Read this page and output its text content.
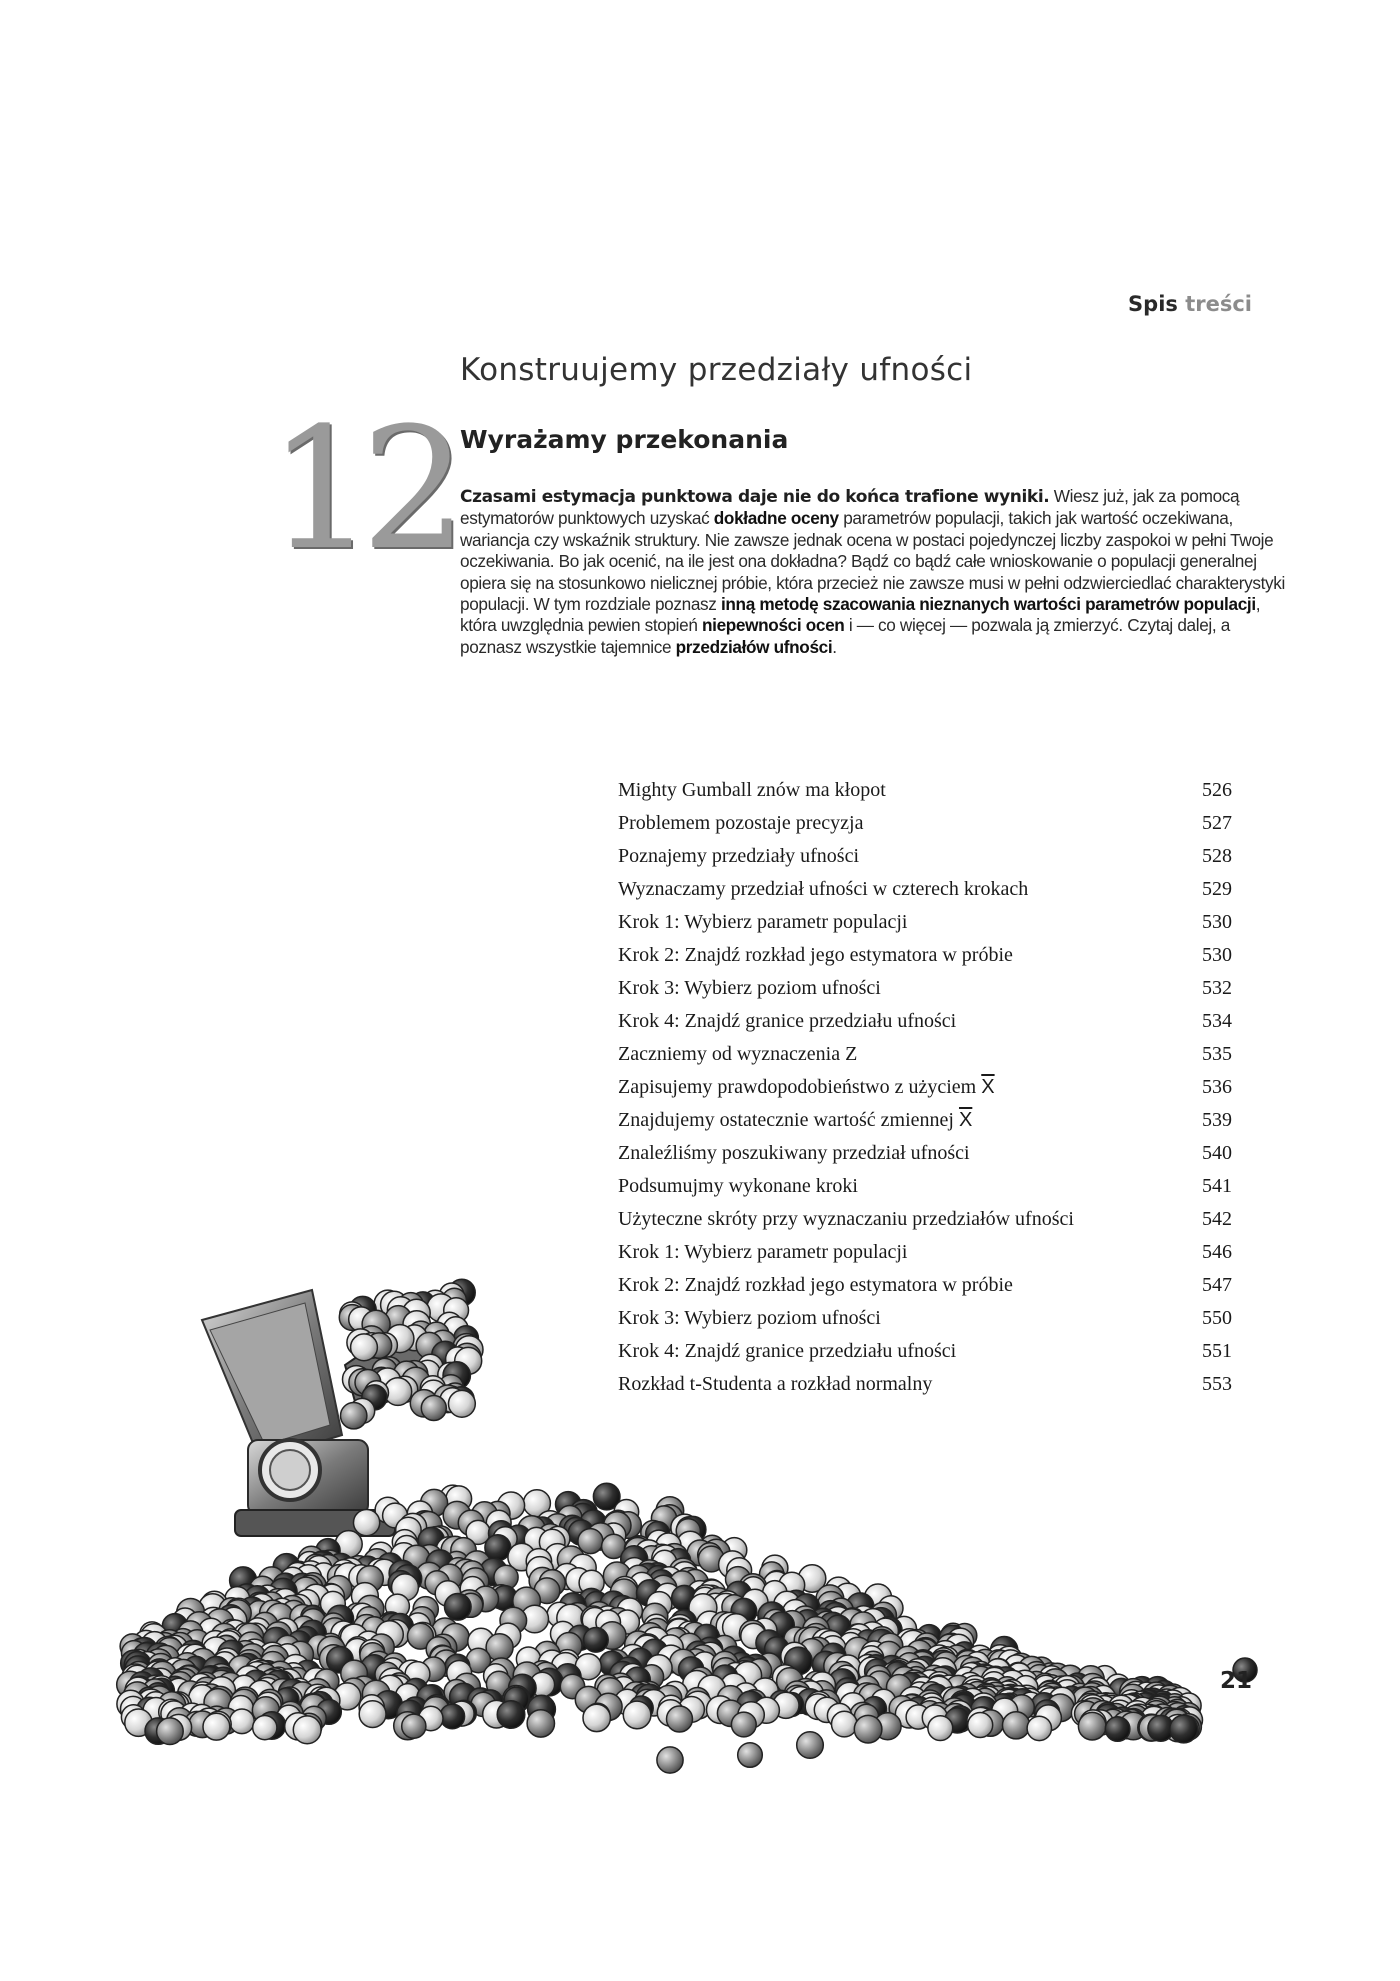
Spis treści
Konstruujemy przedziały ufności
12 Wyrażamy przekonania
Czasami estymacja punktowa daje nie do końca trafione wyniki. Wiesz już, jak za pomocą estymatorów punktowych uzyskać dokładne oceny parametrów populacji, takich jak wartość oczekiwana, wariancja czy wskaźnik struktury. Nie zawsze jednak ocena w postaci pojedynczej liczby zaspokoi w pełni Twoje oczekiwania. Bo jak ocenić, na ile jest ona dokładna? Bądź co bądź całe wnioskowanie o populacji generalnej opiera się na stosunkowo nielicznej próbie, która przecież nie zawsze musi w pełni odzwierciedlać charakterystyki populacji. W tym rozdziale poznasz inną metodę szacowania nieznanych wartości parametrów populacji, która uwzględnia pewien stopień niepewności ocen i — co więcej — pozwala ją zmierzyć. Czytaj dalej, a poznasz wszystkie tajemnice przedziałów ufności.
Mighty Gumball znów ma kłopot	526
Problemem pozostaje precyzja	527
Poznajemy przedziały ufności	528
Wyznaczamy przedział ufności w czterech krokach	529
Krok 1: Wybierz parametr populacji	530
Krok 2: Znajdź rozkład jego estymatora w próbie	530
Krok 3: Wybierz poziom ufności	532
Krok 4: Znajdź granice przedziału ufności	534
Zaczniemy od wyznaczenia Z	535
Zapisujemy prawdopodobieństwo z użyciem $\overline{X}$	536
Znajdujemy ostatecznie wartość zmiennej $\overline{X}$	539
Znaleźliśmy poszukiwany przedział ufności	540
Podsumujmy wykonane kroki	541
Użyteczne skróty przy wyznaczaniu przedziałów ufności	542
Krok 1: Wybierz parametr populacji	546
Krok 2: Znajdź rozkład jego estymatora w próbie	547
Krok 3: Wybierz poziom ufności	550
Krok 4: Znajdź granice przedziału ufności	551
Rozkład t-Studenta a rozkład normalny	553
21
